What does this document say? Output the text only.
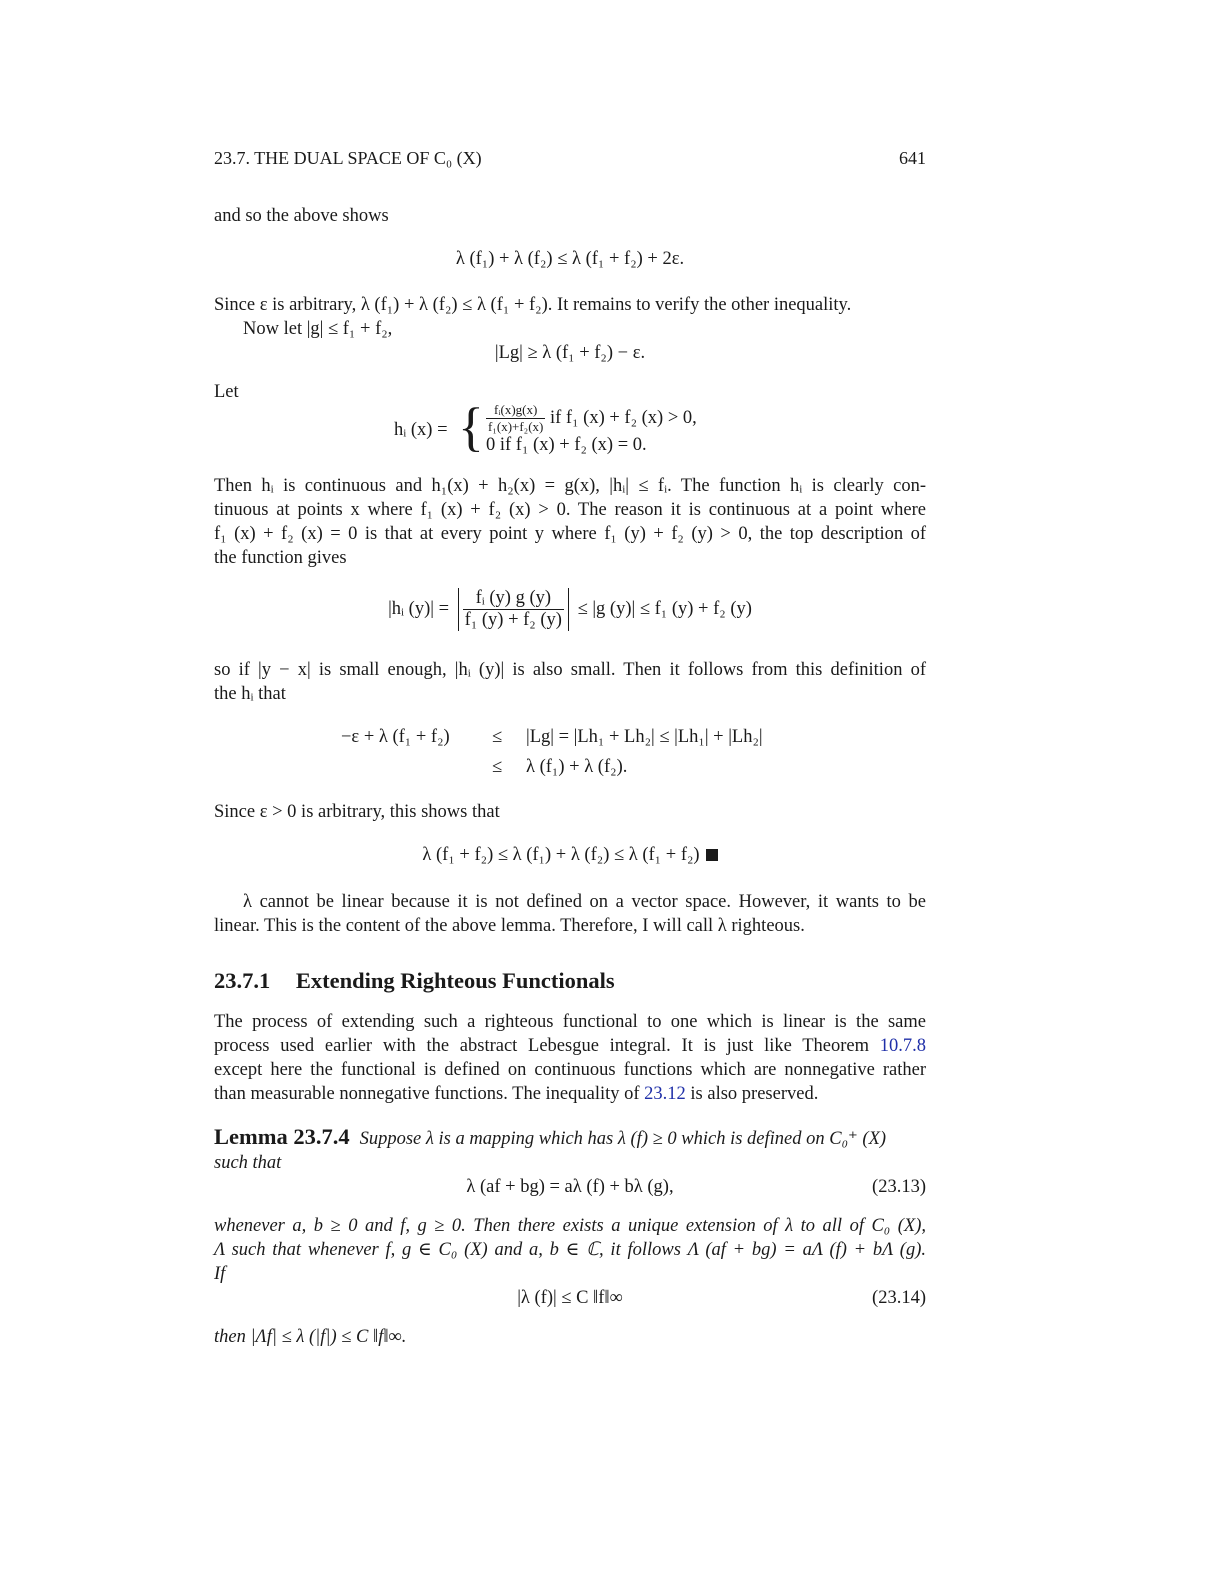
23.7. THE DUAL SPACE OF C₀ (X)	641
and so the above shows
λ (f₁) + λ (f₂) ≤ λ (f₁ + f₂) + 2ε.
Since ε is arbitrary, λ (f₁) + λ (f₂) ≤ λ (f₁ + f₂). It remains to verify the other inequality.
Now let |g| ≤ f₁ + f₂,
|Lg| ≥ λ (f₁ + f₂) − ε.
Let
hᵢ (x) = { $\frac{\text{fᵢ(x)g(x)}}{\text{f₁(x)+f₂(x)}}$ if f₁ (x) + f₂ (x) > 0,
0 if f₁ (x) + f₂ (x) = 0.
Then hᵢ is continuous and h₁(x) + h₂(x) = g(x), |hᵢ| ≤ fᵢ. The function hᵢ is clearly con-
tinuous at points x where f₁ (x) + f₂ (x) > 0. The reason it is continuous at a point where
f₁ (x) + f₂ (x) = 0 is that at every point y where f₁ (y) + f₂ (y) > 0, the top description of
the function gives
|hᵢ $(y)| = \frac{\text{fᵢ (y) g (y)}}{\text{f₁ (y) + f₂ (y)}} \le |g$ (y)| ≤ f₁ (y) + f₂ (y)
so if |y − x| is small enough, |hᵢ (y)| is also small. Then it follows from this definition of
the hᵢ that
−ε + λ (f₁ + f₂) ≤ |Lg| = |Lh₁ + Lh₂| ≤ |Lh₁| + |Lh₂|
≤ λ (f₁) + λ (f₂).
Since ε > 0 is arbitrary, this shows that
λ (f₁ + f₂) ≤ λ (f₁) + λ (f₂) ≤ λ (f₁ + f₂)
λ cannot be linear because it is not defined on a vector space. However, it wants to be
linear. This is the content of the above lemma. Therefore, I will call λ righteous.
23.7.1 Extending Righteous Functionals
The process of extending such a righteous functional to one which is linear is the same
process used earlier with the abstract Lebesgue integral. It is just like Theorem 10.7.8
except here the functional is defined on continuous functions which are nonnegative rather
than measurable nonnegative functions. The inequality of 23.12 is also preserved.
Lemma 23.7.4 Suppose λ is a mapping which has λ (f) ≥ 0 which is defined on C₀⁺ (X)
such that
λ (af + bg) = aλ (f) + bλ (g),	(23.13)
whenever a, b ≥ 0 and f, g ≥ 0. Then there exists a unique extension of λ to all of C₀ (X),
Λ such that whenever f, g ∈ C₀ (X) and a, b ∈ ℂ, it follows Λ (af + bg) = aΛ (f) + bΛ (g).
If
|λ (f)| ≤ C ‖f‖∞	(23.14)
then |Λf| ≤ λ (|f|) ≤ C ‖f‖∞.
